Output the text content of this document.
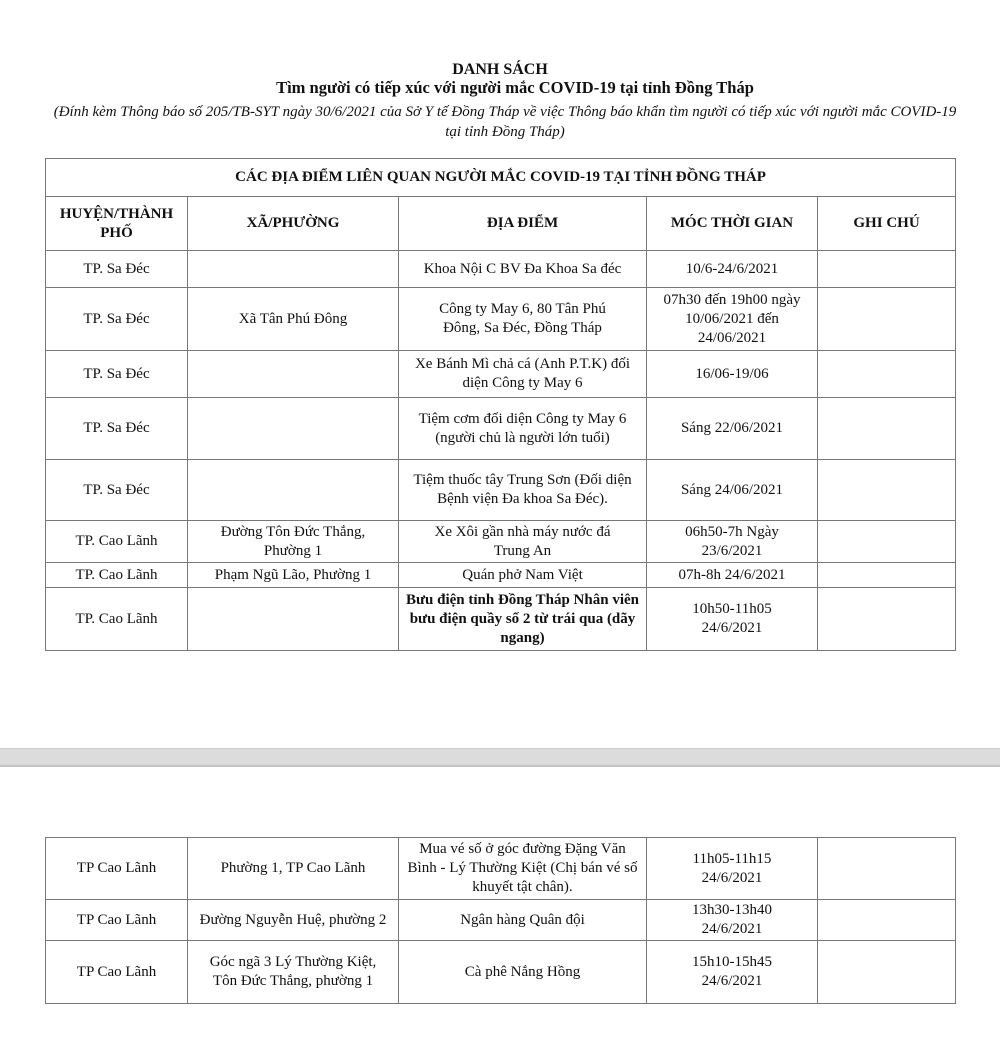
DANH SÁCH
Tìm người có tiếp xúc với người mắc COVID-19 tại tỉnh Đồng Tháp
(Đính kèm Thông báo số 205/TB-SYT ngày 30/6/2021 của Sở Y tế Đồng Tháp về việc Thông báo khẩn tìm người có tiếp xúc với người mắc COVID-19 tại tỉnh Đồng Tháp)
CÁC ĐỊA ĐIỂM LIÊN QUAN NGƯỜI MẮC COVID-19 TẠI TỈNH ĐỒNG THÁP				
HUYỆN/THÀNH PHỐ	XÃ/PHƯỜNG	ĐỊA ĐIỂM	MÓC THỜI GIAN	GHI CHÚ
TP. Sa Đéc		Khoa Nội C BV Đa Khoa Sa đéc	10/6-24/6/2021	
TP. Sa Đéc	Xã Tân Phú Đông	Công ty May 6, 80 Tân Phú Đông, Sa Đéc, Đồng Tháp	07h30 đến 19h00 ngày 10/06/2021 đến 24/06/2021	
TP. Sa Đéc		Xe Bánh Mì chả cá (Anh P.T.K) đối diện Công ty May 6	16/06-19/06	
TP. Sa Đéc		Tiệm cơm đối diện Công ty May 6 (người chủ là người lớn tuổi)	Sáng 22/06/2021	
TP. Sa Đéc		Tiệm thuốc tây Trung Sơn (Đối diện Bệnh viện Đa khoa Sa Đéc).	Sáng 24/06/2021	
TP. Cao Lãnh	Đường Tôn Đức Thắng, Phường 1	Xe Xôi gần nhà máy nước đá Trung An	06h50-7h Ngày 23/6/2021	
TP. Cao Lãnh	Phạm Ngũ Lão, Phường 1	Quán phở Nam Việt	07h-8h 24/6/2021	
TP. Cao Lãnh		Bưu điện tỉnh Đồng Tháp Nhân viên bưu điện quầy số 2 từ trái qua (dãy ngang)	10h50-11h05 24/6/2021	
TP Cao Lãnh	Phường 1, TP Cao Lãnh	Mua vé số ở góc đường Đặng Văn Bình - Lý Thường Kiệt (Chị bán vé số khuyết tật chân).	11h05-11h15 24/6/2021	
TP Cao Lãnh	Đường Nguyễn Huệ, phường 2	Ngân hàng Quân đội	13h30-13h40 24/6/2021	
TP Cao Lãnh	Góc ngã 3 Lý Thường Kiệt, Tôn Đức Thắng, phường 1	Cà phê Nắng Hồng	15h10-15h45 24/6/2021	
